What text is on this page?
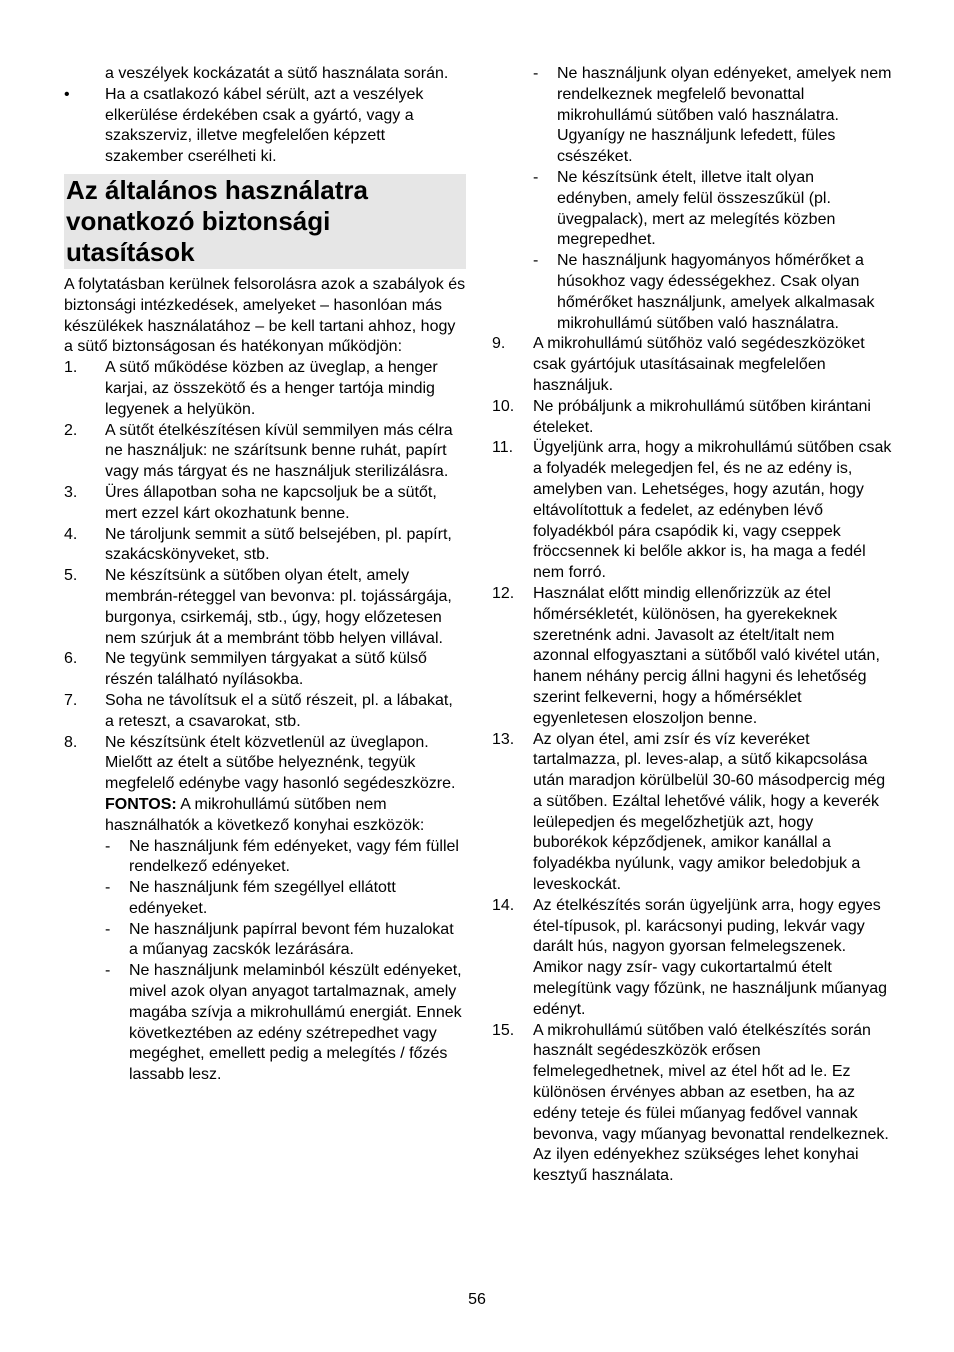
a veszélyek kockázatát a sütő használata során.

•	Ha a csatlakozó kábel sérült, azt a veszélyek elkerülése érdekében csak a gyártó, vagy a szakszerviz, illetve megfelelően képzett szakember cserélheti ki.
Az általános használatra vonatkozó biztonsági utasítások

A folytatásban kerülnek felsorolásra azok a szabályok és biztonsági intézkedések, amelyeket – hasonlóan más készülékek használatához – be kell tartani ahhoz, hogy a sütő biztonságosan és hatékonyan működjön:

1.	A sütő működése közben az üveglap, a henger karjai, az összekötő és a henger tartója mindig legyenek a helyükön.
2.	A sütőt ételkészítésen kívül semmilyen más célra ne használjuk: ne szárítsunk benne ruhát, papírt vagy más tárgyat és ne használjuk sterilizálásra.
3.	Üres állapotban soha ne kapcsoljuk be a sütőt, mert ezzel kárt okozhatunk benne.
4.	Ne tároljunk semmit a sütő belsejében, pl. papírt, szakácskönyveket, stb.
5.	Ne készítsünk a sütőben olyan ételt, amely membrán-réteggel van bevonva: pl. tojássárgája, burgonya, csirkemáj, stb., úgy, hogy előzetesen nem szúrjuk át a membránt több helyen villával.
6.	Ne tegyünk semmilyen tárgyakat a sütő külső részén található nyílásokba.
7.	Soha ne távolítsuk el a sütő részeit, pl. a lábakat, a reteszt, a csavarokat, stb.
8.	Ne készítsünk ételt közvetlenül az üveglapon. Mielőtt az ételt a sütőbe helyeznénk, tegyük megfelelő edénybe vagy hasonló segédeszközre.
FONTOS: A mikrohullámú sütőben nem használhatók a következő konyhai eszközök:
-	Ne használjunk fém edényeket, vagy fém füllel rendelkező edényeket.
-	Ne használjunk fém szegéllyel ellátott edényeket.
-	Ne használjunk papírral bevont fém huzalokat a műanyag zacskók lezárására.
-	Ne használjunk melaminból készült edényeket, mivel azok olyan anyagot tartalmaznak, amely magába szívja a mikrohullámú energiát. Ennek következtében az edény szétrepedhet vagy megéghet, emellett pedig a melegítés / főzés lassabb lesz.
-	Ne használjunk olyan edényeket, amelyek nem rendelkeznek megfelelő bevonattal mikrohullámú sütőben való használatra. Ugyanígy ne használjunk lefedett, füles csészéket.
-	Ne készítsünk ételt, illetve italt olyan edényben, amely felül összeszűkül (pl. üvegpalack), mert az melegítés közben megrepedhet.
-	Ne használjunk hagyományos hőmérőket a húsokhoz vagy édességekhez. Csak olyan hőmérőket használjunk, amelyek alkalmasak mikrohullámú sütőben való használatra.
9.	A mikrohullámú sütőhöz való segédeszközöket csak gyártójuk utasításainak megfelelően használjuk.
10.	Ne próbáljunk a mikrohullámú sütőben kirántani ételeket.
11.	Ügyeljünk arra, hogy a mikrohullámú sütőben csak a folyadék melegedjen fel, és ne az edény is, amelyben van. Lehetséges, hogy azután, hogy eltávolítottuk a fedelet, az edényben lévő folyadékból pára csapódik ki, vagy cseppek fröccsennek ki belőle akkor is, ha maga a fedél nem forró.
12.	Használat előtt mindig ellenőrizzük az étel hőmérsékletét, különösen, ha gyerekeknek szeretnénk adni. Javasolt az ételt/italt nem azonnal elfogyasztani a sütőből való kivétel után, hanem néhány percig állni hagyni és lehetőség szerint felkeverni, hogy a hőmérséklet egyenletesen eloszoljon benne.
13.	Az olyan étel, ami zsír és víz keveréket tartalmazza, pl. leves-alap, a sütő kikapcsolása után maradjon körülbelül 30-60 másodpercig még a sütőben. Ezáltal lehetővé válik, hogy a keverék leülepedjen és megelőzhetjük azt, hogy buborékok képződjenek, amikor kanállal a folyadékba nyúlunk, vagy amikor beledobjuk a leveskockát.
14.	Az ételkészítés során ügyeljünk arra, hogy egyes étel-típusok, pl. karácsonyi puding, lekvár vagy darált hús, nagyon gyorsan felmelegszenek. Amikor nagy zsír- vagy cukortartalmú ételt melegítünk vagy főzünk, ne használjunk műanyag edényt.
15.	A mikrohullámú sütőben való ételkészítés során használt segédeszközök erősen felmelegedhetnek, mivel az étel hőt ad le. Ez különösen érvényes abban az esetben, ha az edény teteje és fülei műanyag fedővel vannak bevonva, vagy műanyag bevonattal rendelkeznek. Az ilyen edényekhez szükséges lehet konyhai kesztyű használata.
56
